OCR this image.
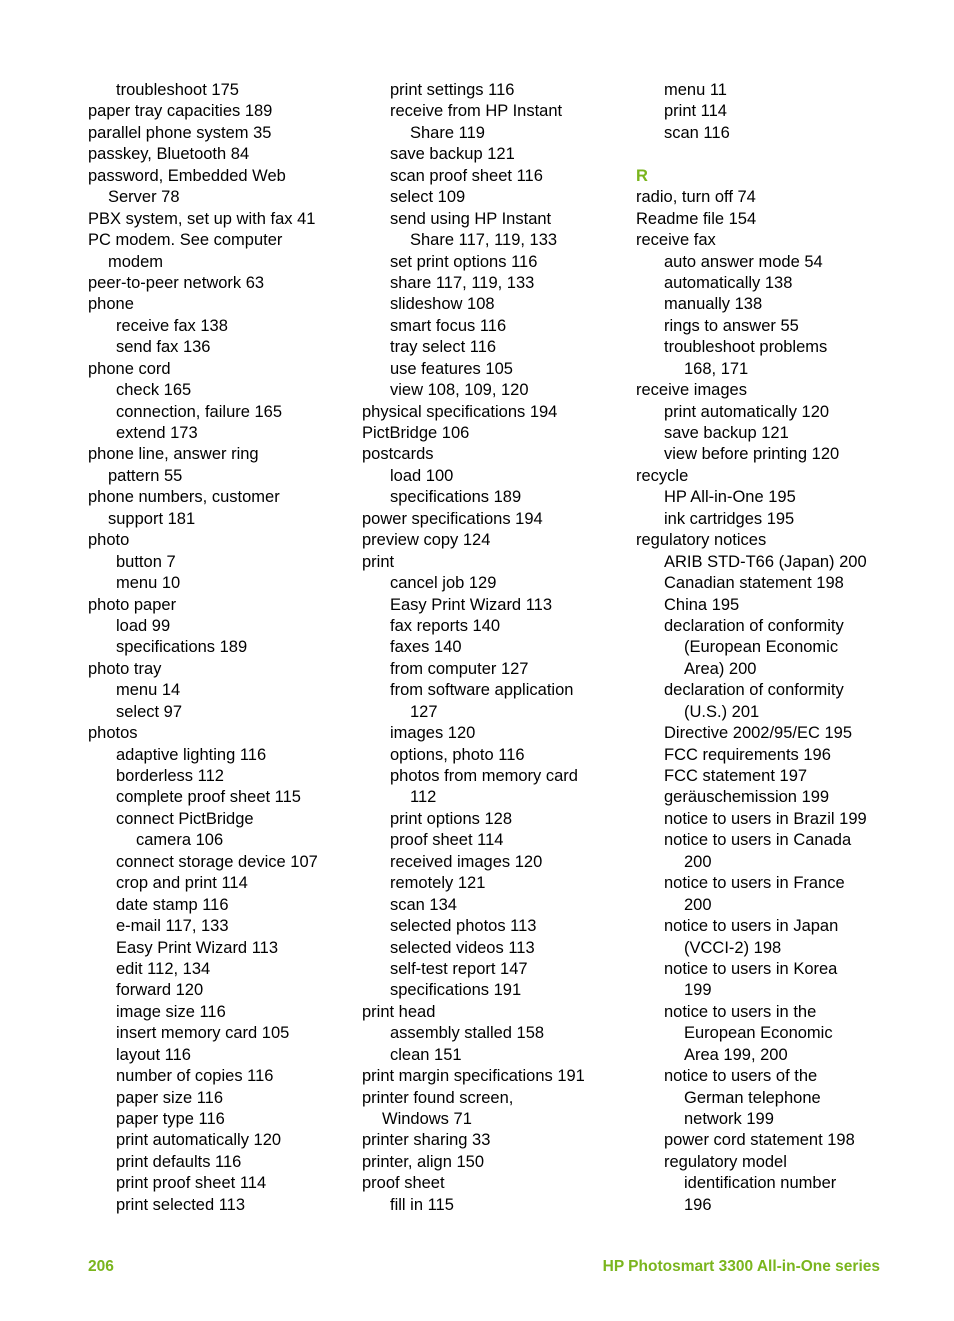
troubleshoot 175
paper tray capacities 189
parallel phone system 35
passkey, Bluetooth 84
password, Embedded Web
Server 78
PBX system, set up with fax 41
PC modem. See computer
modem
peer-to-peer network 63
phone
receive fax 138
send fax 136
phone cord
check 165
connection, failure 165
extend 173
phone line, answer ring
pattern 55
phone numbers, customer
support 181
photo
button 7
menu 10
photo paper
load 99
specifications 189
photo tray
menu 14
select 97
photos
adaptive lighting 116
borderless 112
complete proof sheet 115
connect PictBridge
camera 106
connect storage device 107
crop and print 114
date stamp 116
e-mail 117, 133
Easy Print Wizard 113
edit 112, 134
forward 120
image size 116
insert memory card 105
layout 116
number of copies 116
paper size 116
paper type 116
print automatically 120
print defaults 116
print proof sheet 114
print selected 113
print settings 116
receive from HP Instant
Share 119
save backup 121
scan proof sheet 116
select 109
send using HP Instant
Share 117, 119, 133
set print options 116
share 117, 119, 133
slideshow 108
smart focus 116
tray select 116
use features 105
view 108, 109, 120
physical specifications 194
PictBridge 106
postcards
load 100
specifications 189
power specifications 194
preview copy 124
print
cancel job 129
Easy Print Wizard 113
fax reports 140
faxes 140
from computer 127
from software application
127
images 120
options, photo 116
photos from memory card
112
print options 128
proof sheet 114
received images 120
remotely 121
scan 134
selected photos 113
selected videos 113
self-test report 147
specifications 191
print head
assembly stalled 158
clean 151
print margin specifications 191
printer found screen,
Windows 71
printer sharing 33
printer, align 150
proof sheet
fill in 115
menu 11
print 114
scan 116
R
radio, turn off 74
Readme file 154
receive fax
auto answer mode 54
automatically 138
manually 138
rings to answer 55
troubleshoot problems
168, 171
receive images
print automatically 120
save backup 121
view before printing 120
recycle
HP All-in-One 195
ink cartridges 195
regulatory notices
ARIB STD-T66 (Japan) 200
Canadian statement 198
China 195
declaration of conformity
(European Economic
Area) 200
declaration of conformity
(U.S.) 201
Directive 2002/95/EC 195
FCC requirements 196
FCC statement 197
geräuschemission 199
notice to users in Brazil 199
notice to users in Canada
200
notice to users in France
200
notice to users in Japan
(VCCI-2) 198
notice to users in Korea
199
notice to users in the
European Economic
Area 199, 200
notice to users of the
German telephone
network 199
power cord statement 198
regulatory model
identification number
196
206	HP Photosmart 3300 All-in-One series
